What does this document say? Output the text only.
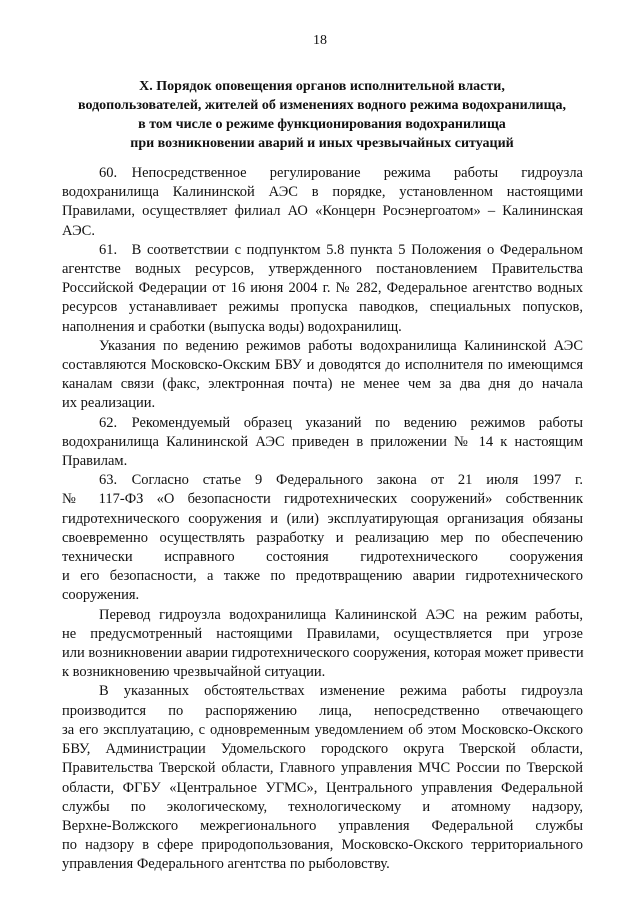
18
X. Порядок оповещения органов исполнительной власти,
водопользователей, жителей об изменениях водного режима водохранилища,
в том числе о режиме функционирования водохранилища
при возникновении аварий и иных чрезвычайных ситуаций

60. Непосредственное регулирование режима работы гидроузла
водохранилища Калининской АЭС в порядке, установленном настоящими
Правилами, осуществляет филиал АО «Концерн Росэнергоатом» – Калининская
АЭС.

61. В соответствии с подпунктом 5.8 пункта 5 Положения о Федеральном
агентстве водных ресурсов, утвержденного постановлением Правительства
Российской Федерации от 16 июня 2004 г. № 282, Федеральное агентство водных
ресурсов устанавливает режимы пропуска паводков, специальных попусков,
наполнения и сработки (выпуска воды) водохранилищ.

Указания по ведению режимов работы водохранилища Калининской АЭС
составляются Московско-Окским БВУ и доводятся до исполнителя по имеющимся
каналам связи (факс, электронная почта) не менее чем за два дня до начала
их реализации.

62. Рекомендуемый образец указаний по ведению режимов работы
водохранилища Калининской АЭС приведен в приложении № 14 к настоящим
Правилам.

63. Согласно статье 9 Федерального закона от 21 июля 1997 г.
№ 117-ФЗ «О безопасности гидротехнических сооружений» собственник
гидротехнического сооружения и (или) эксплуатирующая организация обязаны
своевременно осуществлять разработку и реализацию мер по обеспечению
технически исправного состояния гидротехнического сооружения
и его безопасности, а также по предотвращению аварии гидротехнического
сооружения.

Перевод гидроузла водохранилища Калининской АЭС на режим работы,
не предусмотренный настоящими Правилами, осуществляется при угрозе
или возникновении аварии гидротехнического сооружения, которая может привести
к возникновению чрезвычайной ситуации.

В указанных обстоятельствах изменение режима работы гидроузла
производится по распоряжению лица, непосредственно отвечающего
за его эксплуатацию, с одновременным уведомлением об этом Московско-Окского
БВУ, Администрации Удомельского городского округа Тверской области,
Правительства Тверской области, Главного управления МЧС России по Тверской
области, ФГБУ «Центральное УГМС», Центрального управления Федеральной
службы по экологическому, технологическому и атомному надзору,
Верхне-Волжского межрегионального управления Федеральной службы
по надзору в сфере природопользования, Московско-Окского территориального
управления Федерального агентства по рыболовству.
